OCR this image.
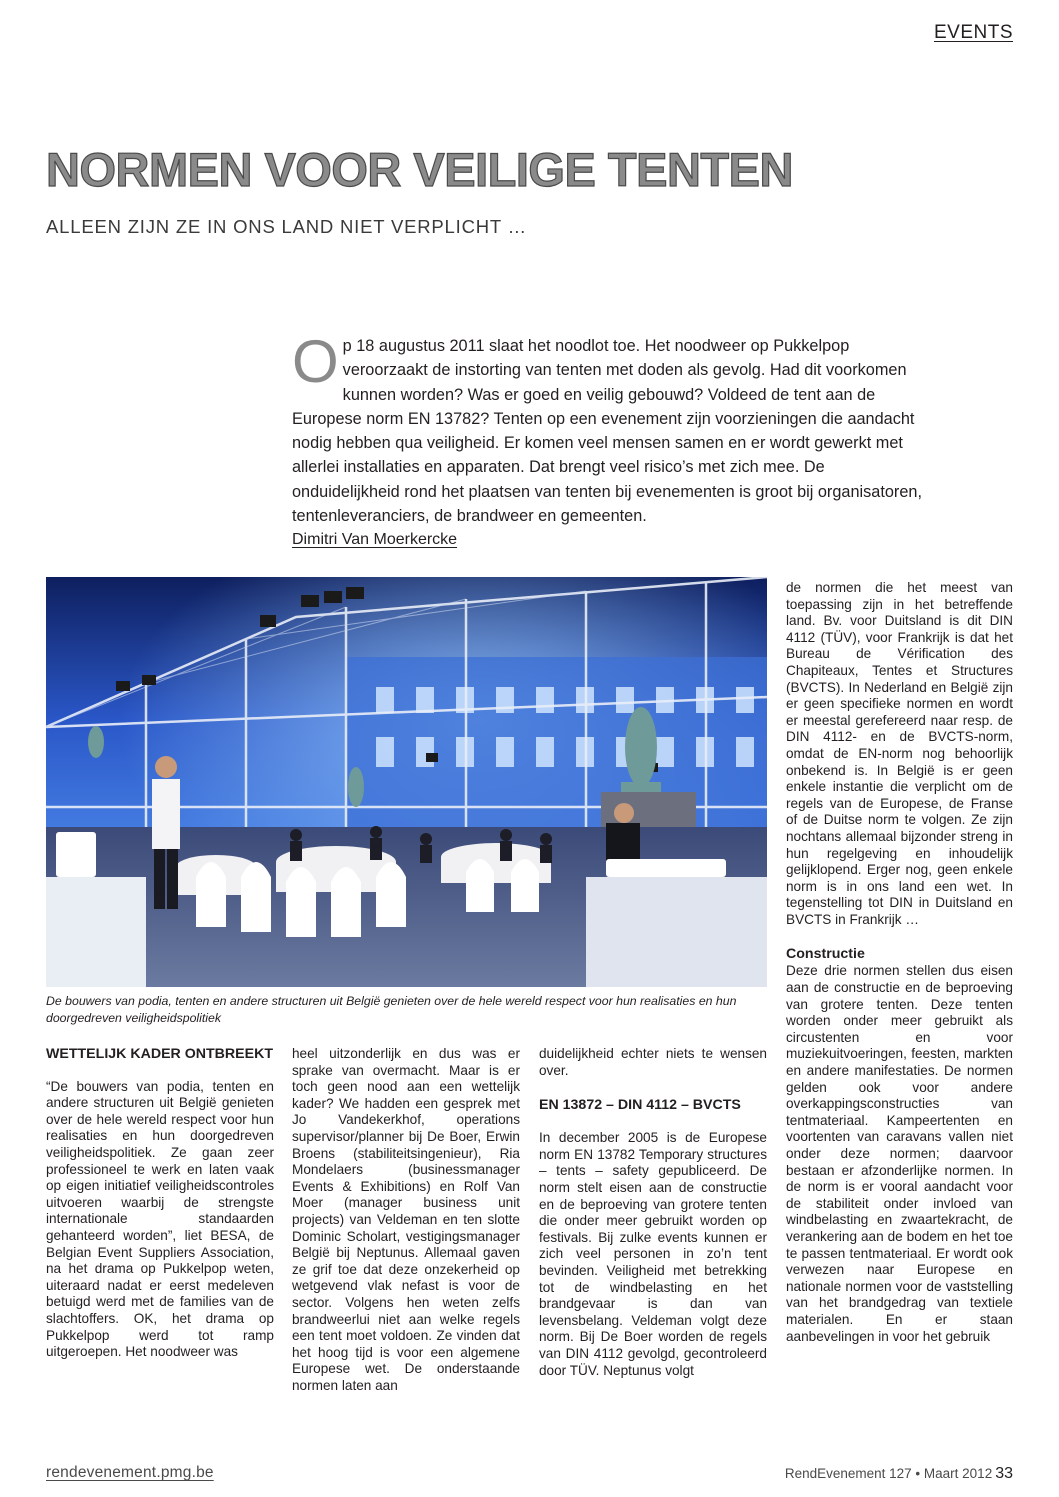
EVENTS
NORMEN VOOR VEILIGE TENTEN
ALLEEN ZIJN ZE IN ONS LAND NIET VERPLICHT …
Op 18 augustus 2011 slaat het noodlot toe. Het noodweer op Pukkelpop veroorzaakt de instorting van tenten met doden als gevolg. Had dit voorkomen kunnen worden? Was er goed en veilig gebouwd? Voldeed de tent aan de Europese norm EN 13782? Tenten op een evenement zijn voorzieningen die aandacht nodig hebben qua veiligheid. Er komen veel mensen samen en er wordt gewerkt met allerlei installaties en apparaten. Dat brengt veel risico’s met zich mee. De onduidelijkheid rond het plaatsen van tenten bij evenementen is groot bij organisatoren, tentenleveranciers, de brandweer en gemeenten.
Dimitri Van Moerkercke
De bouwers van podia, tenten en andere structuren uit België genieten over de hele wereld respect voor hun realisaties en hun doorgedreven veiligheidspolitiek
WETTELIJK KADER ONTBREEKT

“De bouwers van podia, tenten en andere structuren uit België genieten over de hele wereld respect voor hun realisaties en hun doorgedreven veiligheidspolitiek. Ze gaan zeer professioneel te werk en laten vaak op eigen initiatief veiligheidscontroles uitvoeren waarbij de strengste internationale standaarden gehanteerd worden”, liet BESA, de Belgian Event Suppliers Association, na het drama op Pukkelpop weten, uiteraard nadat er eerst medeleven betuigd werd met de families van de slachtoffers. OK, het drama op Pukkelpop werd tot ramp uitgeroepen. Het noodweer was

heel uitzonderlijk en dus was er sprake van overmacht. Maar is er toch geen nood aan een wettelijk kader? We hadden een gesprek met Jo Vandekerkhof, operations supervisor/planner bij De Boer, Erwin Broens (stabiliteitsingenieur), Ria Mondelaers (businessmanager Events & Exhibitions) en Rolf Van Moer (manager business unit projects) van Veldeman en ten slotte Dominic Scholart, vestigingsmanager België bij Neptunus. Allemaal gaven ze grif toe dat deze onzekerheid op wetgevend vlak nefast is voor de sector. Volgens hen weten zelfs brandweerlui niet aan welke regels een tent moet voldoen. Ze vinden dat het hoog tijd is voor een algemene Europese wet. De onderstaande normen laten aan

duidelijkheid echter niets te wensen over.

EN 13872 – DIN 4112 – BVCTS

In december 2005 is de Europese norm EN 13782 Temporary structures – tents – safety gepubliceerd. De norm stelt eisen aan de constructie en de beproeving van grotere tenten die onder meer gebruikt worden op festivals. Bij zulke events kunnen er zich veel personen in zo’n tent bevinden. Veiligheid met betrekking tot de windbelasting en het brandgevaar is dan van levensbelang. Veldeman volgt deze norm. Bij De Boer worden de regels van DIN 4112 gevolgd, gecontroleerd door TÜV. Neptunus volgt

de normen die het meest van toepassing zijn in het betreffende land. Bv. voor Duitsland is dit DIN 4112 (TÜV), voor Frankrijk is dat het Bureau de Vérification des Chapiteaux, Tentes et Structures (BVCTS). In Nederland en België zijn er geen specifieke normen en wordt er meestal gerefereerd naar resp. de DIN 4112- en de BVCTS-norm, omdat de EN-norm nog behoorlijk onbekend is. In België is er geen enkele instantie die verplicht om de regels van de Europese, de Franse of de Duitse norm te volgen. Ze zijn nochtans allemaal bijzonder streng in hun regelgeving en inhoudelijk gelijklopend. Erger nog, geen enkele norm is in ons land een wet. In tegenstelling tot DIN in Duitsland en BVCTS in Frankrijk …

Constructie

Deze drie normen stellen dus eisen aan de constructie en de beproeving van grotere tenten. Deze tenten worden onder meer gebruikt als circustenten en voor muziekuitvoeringen, feesten, markten en andere manifestaties. De normen gelden ook voor andere overkappingsconstructies van tentmateriaal. Kampeertenten en voortenten van caravans vallen niet onder deze normen; daarvoor bestaan er afzonderlijke normen. In de norm is er vooral aandacht voor de stabiliteit onder invloed van windbelasting en zwaartekracht, de verankering aan de bodem en het toe te passen tentmateriaal. Er wordt ook verwezen naar Europese en nationale normen voor de vaststelling van het brandgedrag van textiele materialen. En er staan aanbevelingen in voor het gebruik

rendevenement.pmg.be	RendEvenement 127 • Maart 2012 33
